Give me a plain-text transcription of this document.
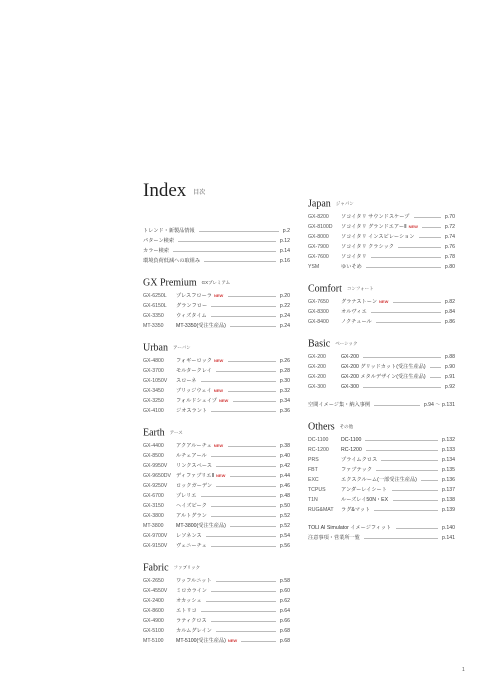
Index 目次
トレンド・新製品情報	p.2
パターン検索	p.12
カラー検索	p.14
環境負荷低減への取組み	p.16
GX Premium GXプレミアム
GX-6250L プレスフローラ NEW	p.20
GX-6150L グランフロー	p.22
GX-3350 ウィズタイム	p.24
MT-3350 MT-3350(受注生産品)	p.24
Urban アーバン
GX-4800 フォギーロック NEW	p.26
GX-3700 モルタークレイ	p.28
GX-1050V スローネ	p.30
GX-3450 ブリッジウェイ NEW	p.32
GX-3250 フォルドシェイプ NEW	p.34
GX-4100 ジオスラント	p.36
Earth アース
GX-4400 アクアルーチェ NEW	p.38
GX-8500 ルチェアール	p.40
GX-9950V リンクスペース	p.42
GX-9650DV ディファブリエⅡ NEW	p.44
GX-9250V ロックガーデン	p.46
GX-6700 プレリエ	p.48
GX-3150 ヘイズピーク	p.50
GX-3800 アルトグラン	p.52
MT-3800 MT-3800(受注生産品)	p.52
GX-9700V レソネンス	p.54
GX-9150V ヴェニーチェ	p.56
Fabric ファブリック
GX-2650 ワッフルニット	p.58
GX-4550V ミロカライン	p.60
GX-2400 オカッシェ	p.62
GX-8600 エトリコ	p.64
GX-4900 ラティクロス	p.66
GX-5100 カルムグレイン	p.68
MT-5100 MT-5100(受注生産品) NEW	p.68
Japan ジャパン
GX-8200 ソコイタリ サウンドスケープ	p.70
GX-8100D ソコイタリ グランドエアーⅡ NEW	p.72
GX-8000 ソコイタリ インスピレーション	p.74
GX-7900 ソコイタリ クラシック	p.76
GX-7600 ソコイタリ	p.78
YSM	ゆいそめ	p.80
Comfort コンフォート
GX-7650 グラナストーン NEW	p.82
GX-8300 オルヴィエ	p.84
GX-8400 ノクチュール	p.86
Basic ベーシック
GX-200	GX-200	p.88
GX-200	GX-200 グリッドカット(受注生産品)	p.90
GX-200	GX-200 メタルデザイン(受注生産品)	p.91
GX-300	GX-300	p.92
空間イメージ集・納入事例	p.94 〜 p.131
Others その他
DC-1100 DC-1100	p.132
RC-1200 RC-1200	p.133
PRS	プライムクロス	p.134
FBT	ファブテック	p.135
EXC	エクスクルーム(一部受注生産品)	p.136
TCPUS	アンダーレイシート	p.137
T1N	ルーズレイ50N・EX	p.138
RUG&MAT ラグ&マット	p.139
TOLI AI Simulator イメージフィット	p.140
注意事項・営業所一覧	p.141
1
